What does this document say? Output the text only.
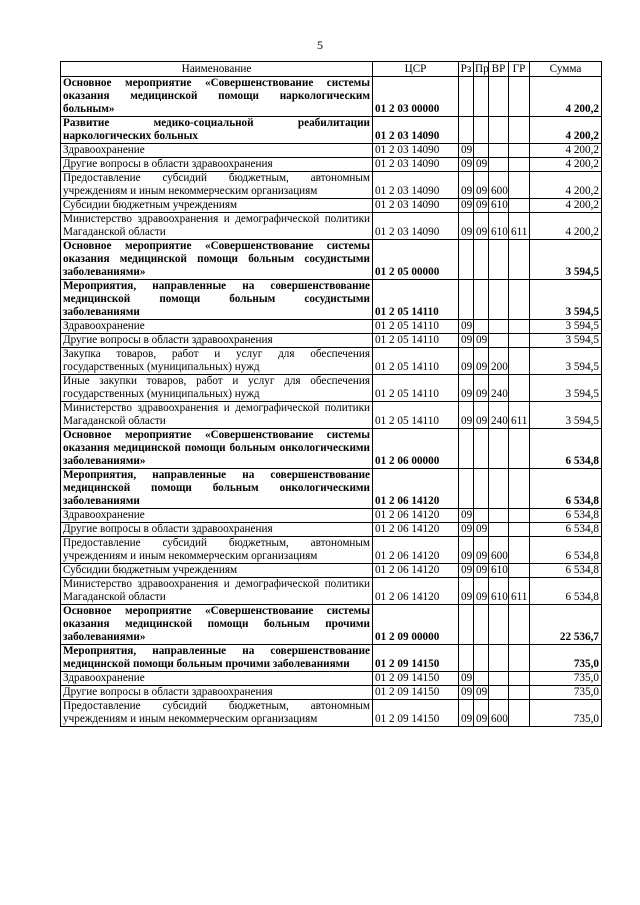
5
Наименование	ЦСР	Рз	Пр	ВР	ГР	Сумма
Основное мероприятие «Совершенствование системы оказания медицинской помощи наркологическим больным»	01 2 03 00000					4 200,2
Развитие медико-социальной реабилитации наркологических больных	01 2 03 14090					4 200,2
Здравоохранение	01 2 03 14090	09				4 200,2
Другие вопросы в области здравоохранения	01 2 03 14090	09	09			4 200,2
Предоставление субсидий бюджетным, автономным учреждениям и иным некоммерческим организациям	01 2 03 14090	09	09	600		4 200,2
Субсидии бюджетным учреждениям	01 2 03 14090	09	09	610		4 200,2
Министерство здравоохранения и демографической политики Магаданской области	01 2 03 14090	09	09	610	611	4 200,2
Основное мероприятие «Совершенствование системы оказания медицинской помощи больным сосудистыми заболеваниями»	01 2 05 00000					3 594,5
Мероприятия, направленные на совершенствование медицинской помощи больным сосудистыми заболеваниями	01 2 05 14110					3 594,5
Здравоохранение	01 2 05 14110	09				3 594,5
Другие вопросы в области здравоохранения	01 2 05 14110	09	09			3 594,5
Закупка товаров, работ и услуг для обеспечения государственных (муниципальных) нужд	01 2 05 14110	09	09	200		3 594,5
Иные закупки товаров, работ и услуг для обеспечения государственных (муниципальных) нужд	01 2 05 14110	09	09	240		3 594,5
Министерство здравоохранения и демографической политики Магаданской области	01 2 05 14110	09	09	240	611	3 594,5
Основное мероприятие «Совершенствование системы оказания медицинской помощи больным онкологическими заболеваниями»	01 2 06 00000					6 534,8
Мероприятия, направленные на совершенствование медицинской помощи больным онкологическими заболеваниями	01 2 06 14120					6 534,8
Здравоохранение	01 2 06 14120	09				6 534,8
Другие вопросы в области здравоохранения	01 2 06 14120	09	09			6 534,8
Предоставление субсидий бюджетным, автономным учреждениям и иным некоммерческим организациям	01 2 06 14120	09	09	600		6 534,8
Субсидии бюджетным учреждениям	01 2 06 14120	09	09	610		6 534,8
Министерство здравоохранения и демографической политики Магаданской области	01 2 06 14120	09	09	610	611	6 534,8
Основное мероприятие «Совершенствование системы оказания медицинской помощи больным прочими заболеваниями»	01 2 09 00000					22 536,7
Мероприятия, направленные на совершенствование медицинской помощи больным прочими заболеваниями	01 2 09 14150					735,0
Здравоохранение	01 2 09 14150	09				735,0
Другие вопросы в области здравоохранения	01 2 09 14150	09	09			735,0
Предоставление субсидий бюджетным, автономным учреждениям и иным некоммерческим организациям	01 2 09 14150	09	09	600		735,0
